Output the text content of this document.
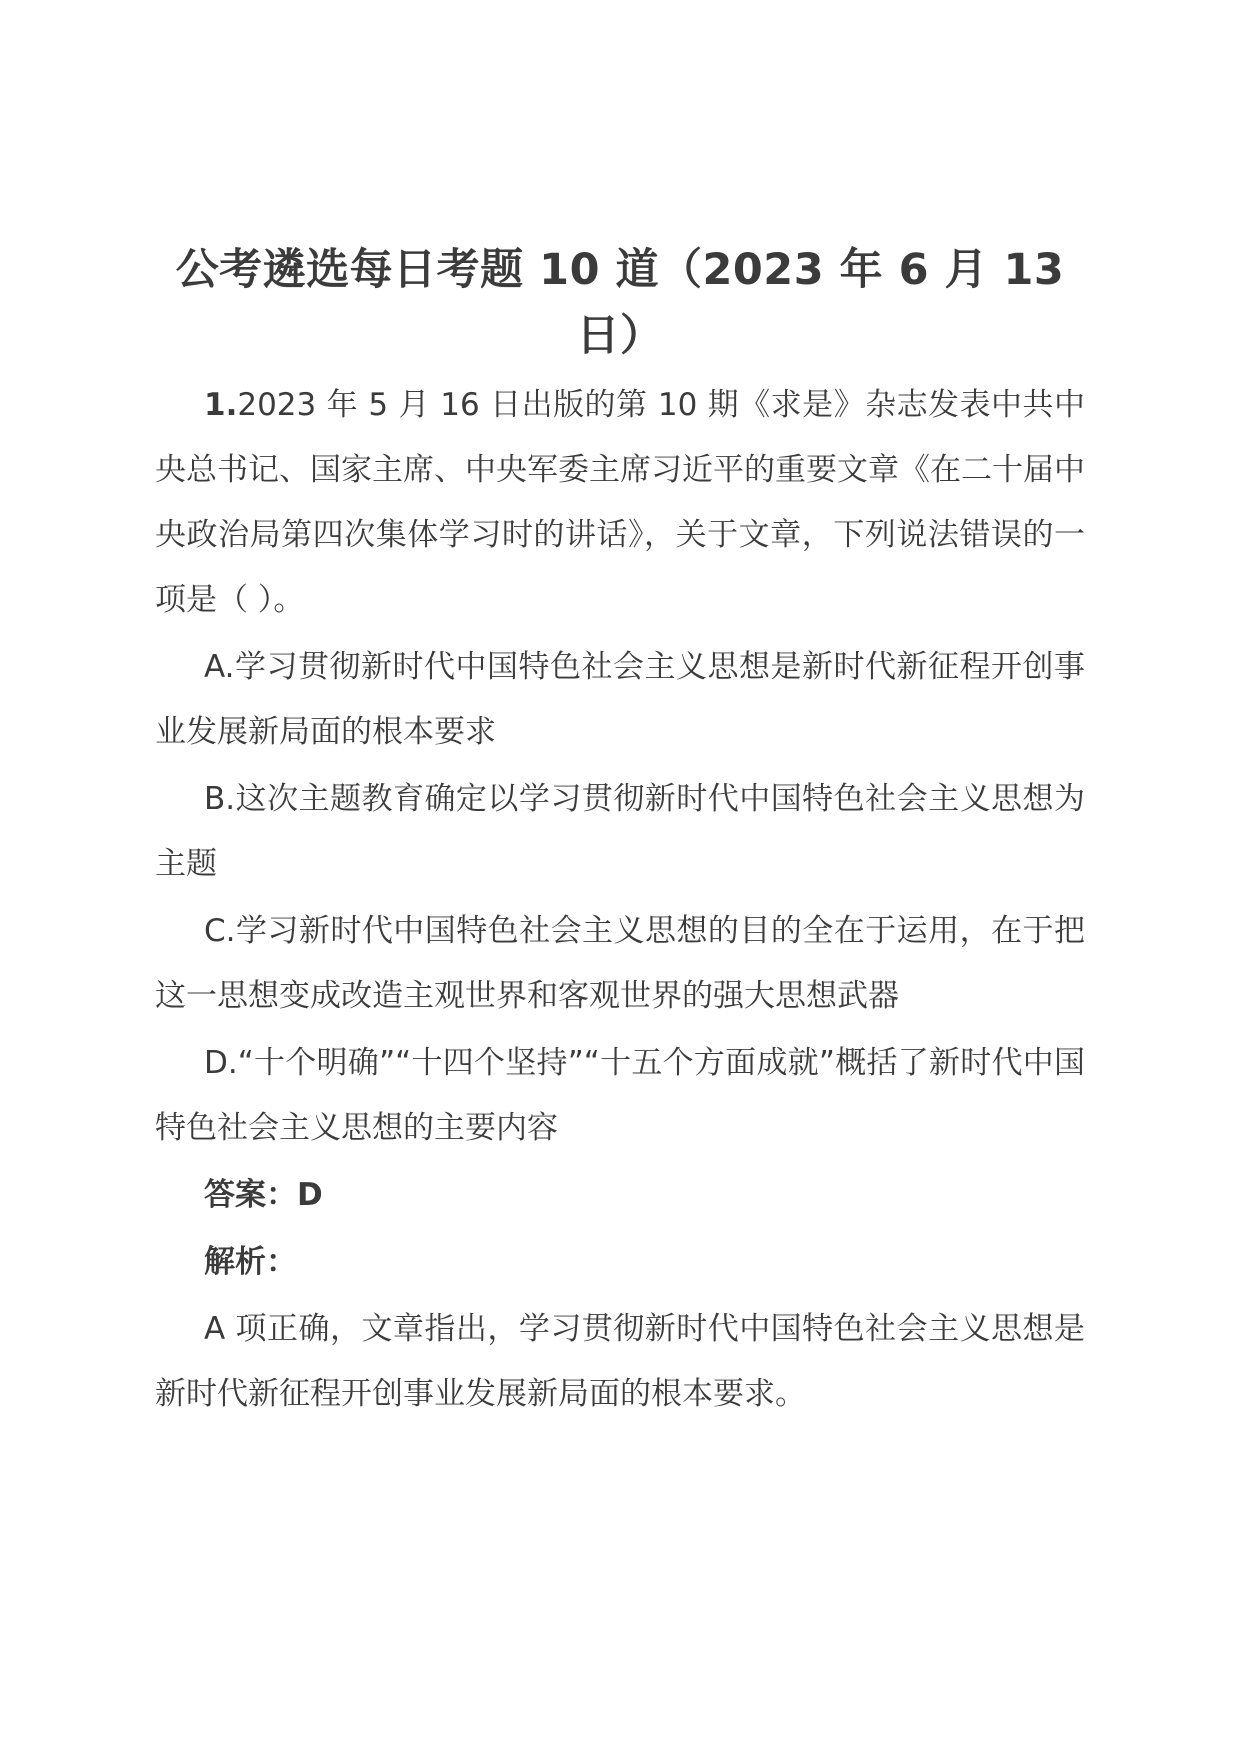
公考遴选每日考题 10 道（2023 年 6 月 13 日）

1.2023 年 5 月 16 日出版的第 10 期《求是》杂志发表中共中央总书记、国家主席、中央军委主席习近平的重要文章《在二十届中央政治局第四次集体学习时的讲话》，关于文章，下列说法错误的一项是（ ）。

A.学习贯彻新时代中国特色社会主义思想是新时代新征程开创事业发展新局面的根本要求

B.这次主题教育确定以学习贯彻新时代中国特色社会主义思想为主题

C.学习新时代中国特色社会主义思想的目的全在于运用，在于把这一思想变成改造主观世界和客观世界的强大思想武器

D.“十个明确”“十四个坚持”“十五个方面成就”概括了新时代中国特色社会主义思想的主要内容

答案：D

解析：

A 项正确，文章指出，学习贯彻新时代中国特色社会主义思想是新时代新征程开创事业发展新局面的根本要求。
